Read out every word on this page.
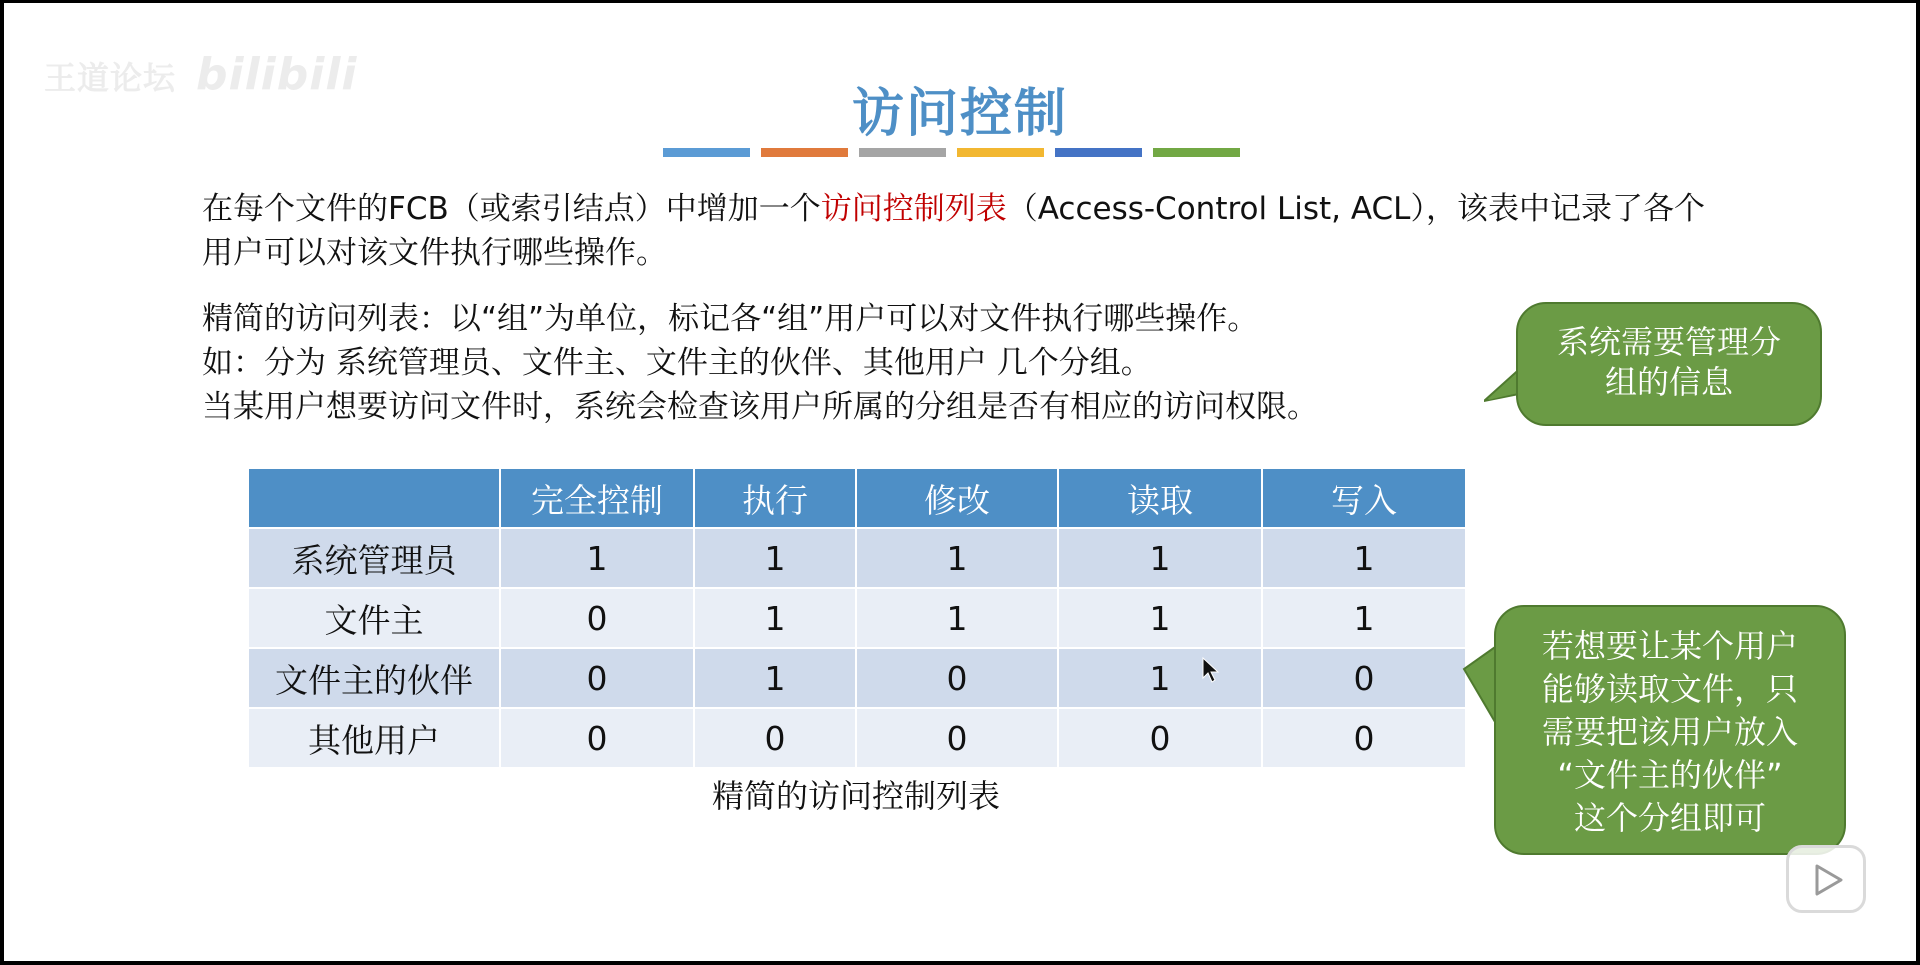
王道论坛 bilibili
访问控制

在每个文件的FCB（或索引结点）中增加一个访问控制列表（Access-Control List, ACL），该表中记录了各个用户可以对该文件执行哪些操作。

精简的访问列表：以“组”为单位，标记各“组”用户可以对文件执行哪些操作。
如：分为 系统管理员、文件主、文件主的伙伴、其他用户 几个分组。
当某用户想要访问文件时，系统会检查该用户所属的分组是否有相应的访问权限。
	完全控制	执行	修改	读取	写入
系统管理员	1	1	1	1	1
文件主	0	1	1	1	1
文件主的伙伴	0	1	0	1	0
其他用户	0	0	0	0	0
精简的访问控制列表
系统需要管理分
组的信息
若想要让某个用户
能够读取文件，只
需要把该用户放入
“文件主的伙伴”
这个分组即可
